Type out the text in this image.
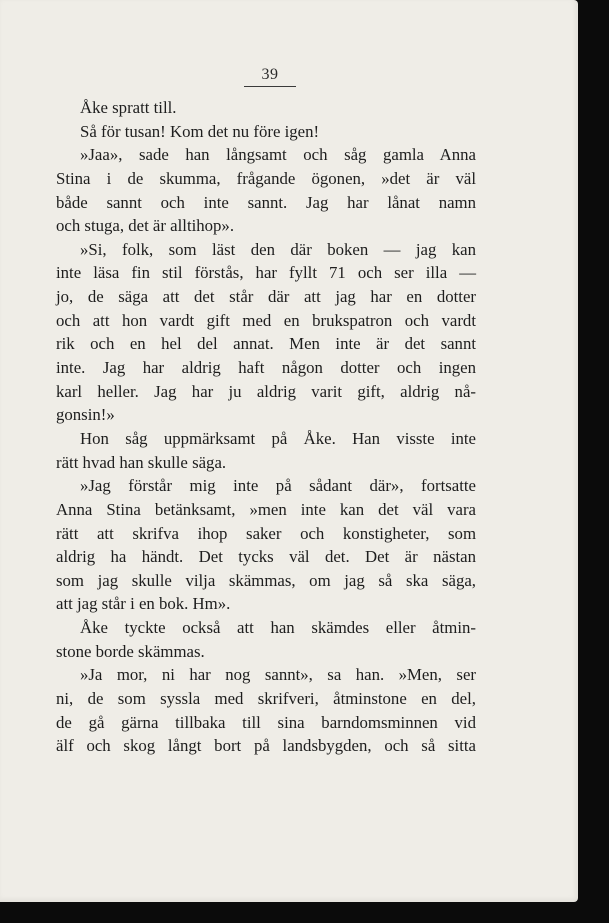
39
Åke spratt till.
Så för tusan! Kom det nu före igen!
»Jaa», sade han långsamt och såg gamla Anna
Stina i de skumma, frågande ögonen, »det är väl
både sannt och inte sannt. Jag har lånat namn
och stuga, det är alltihop».
»Si, folk, som läst den där boken — jag kan
inte läsa fin stil förstås, har fyllt 71 och ser illa —
jo, de säga att det står där att jag har en dotter
och att hon vardt gift med en brukspatron och vardt
rik och en hel del annat. Men inte är det sannt
inte. Jag har aldrig haft någon dotter och ingen
karl heller. Jag har ju aldrig varit gift, aldrig nå-
gonsin!»
Hon såg uppmärksamt på Åke. Han visste inte
rätt hvad han skulle säga.
»Jag förstår mig inte på sådant där», fortsatte
Anna Stina betänksamt, »men inte kan det väl vara
rätt att skrifva ihop saker och konstigheter, som
aldrig ha händt. Det tycks väl det. Det är nästan
som jag skulle vilja skämmas, om jag så ska säga,
att jag står i en bok. Hm».
Åke tyckte också att han skämdes eller åtmin-
stone borde skämmas.
»Ja mor, ni har nog sannt», sa han. »Men, ser
ni, de som syssla med skrifveri, åtminstone en del,
de gå gärna tillbaka till sina barndomsminnen vid
älf och skog långt bort på landsbygden, och så sitta
